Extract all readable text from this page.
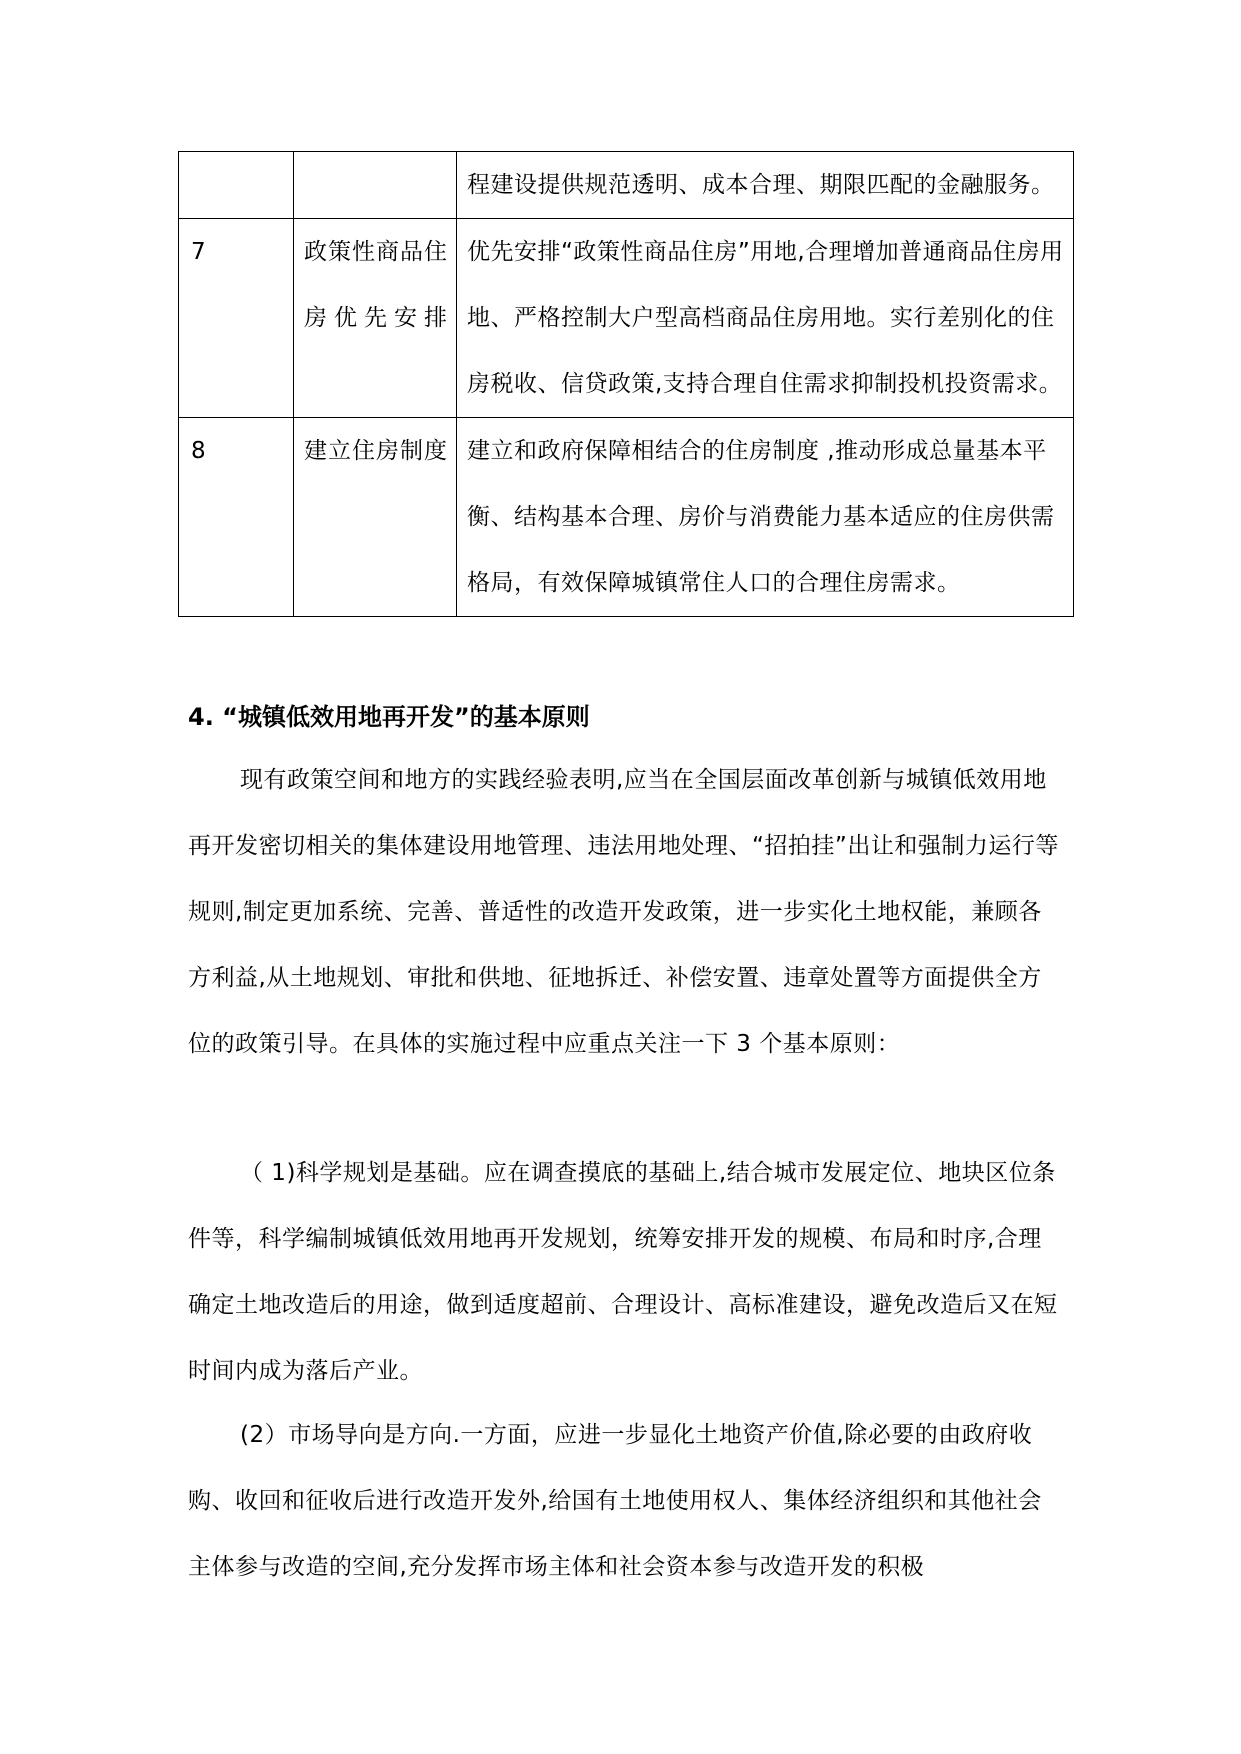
		程建设提供规范透明、成本合理、期限匹配的金融服务。
7	政策性商品住房优先安排	优先安排“政策性商品住房”用地,合理增加普通商品住房用地、严格控制大户型高档商品住房用地。实行差别化的住房税收、信贷政策,支持合理自住需求抑制投机投资需求。
8	建立住房制度	建立和政府保障相结合的住房制度 ,推动形成总量基本平衡、结构基本合理、房价与消费能力基本适应的住房供需格局，有效保障城镇常住人口的合理住房需求。
4. “城镇低效用地再开发”的基本原则

现有政策空间和地方的实践经验表明,应当在全国层面改革创新与城镇低效用地再开发密切相关的集体建设用地管理、违法用地处理、“招拍挂”出让和强制力运行等规则,制定更加系统、完善、普适性的改造开发政策，进一步实化土地权能，兼顾各方利益,从土地规划、审批和供地、征地拆迁、补偿安置、违章处置等方面提供全方位的政策引导。在具体的实施过程中应重点关注一下 3 个基本原则：

（ 1)科学规划是基础。应在调查摸底的基础上,结合城市发展定位、地块区位条件等，科学编制城镇低效用地再开发规划，统筹安排开发的规模、布局和时序,合理确定土地改造后的用途，做到适度超前、合理设计、高标准建设，避免改造后又在短时间内成为落后产业。

(2）市场导向是方向.一方面，应进一步显化土地资产价值,除必要的由政府收购、收回和征收后进行改造开发外,给国有土地使用权人、集体经济组织和其他社会主体参与改造的空间,充分发挥市场主体和社会资本参与改造开发的积极
